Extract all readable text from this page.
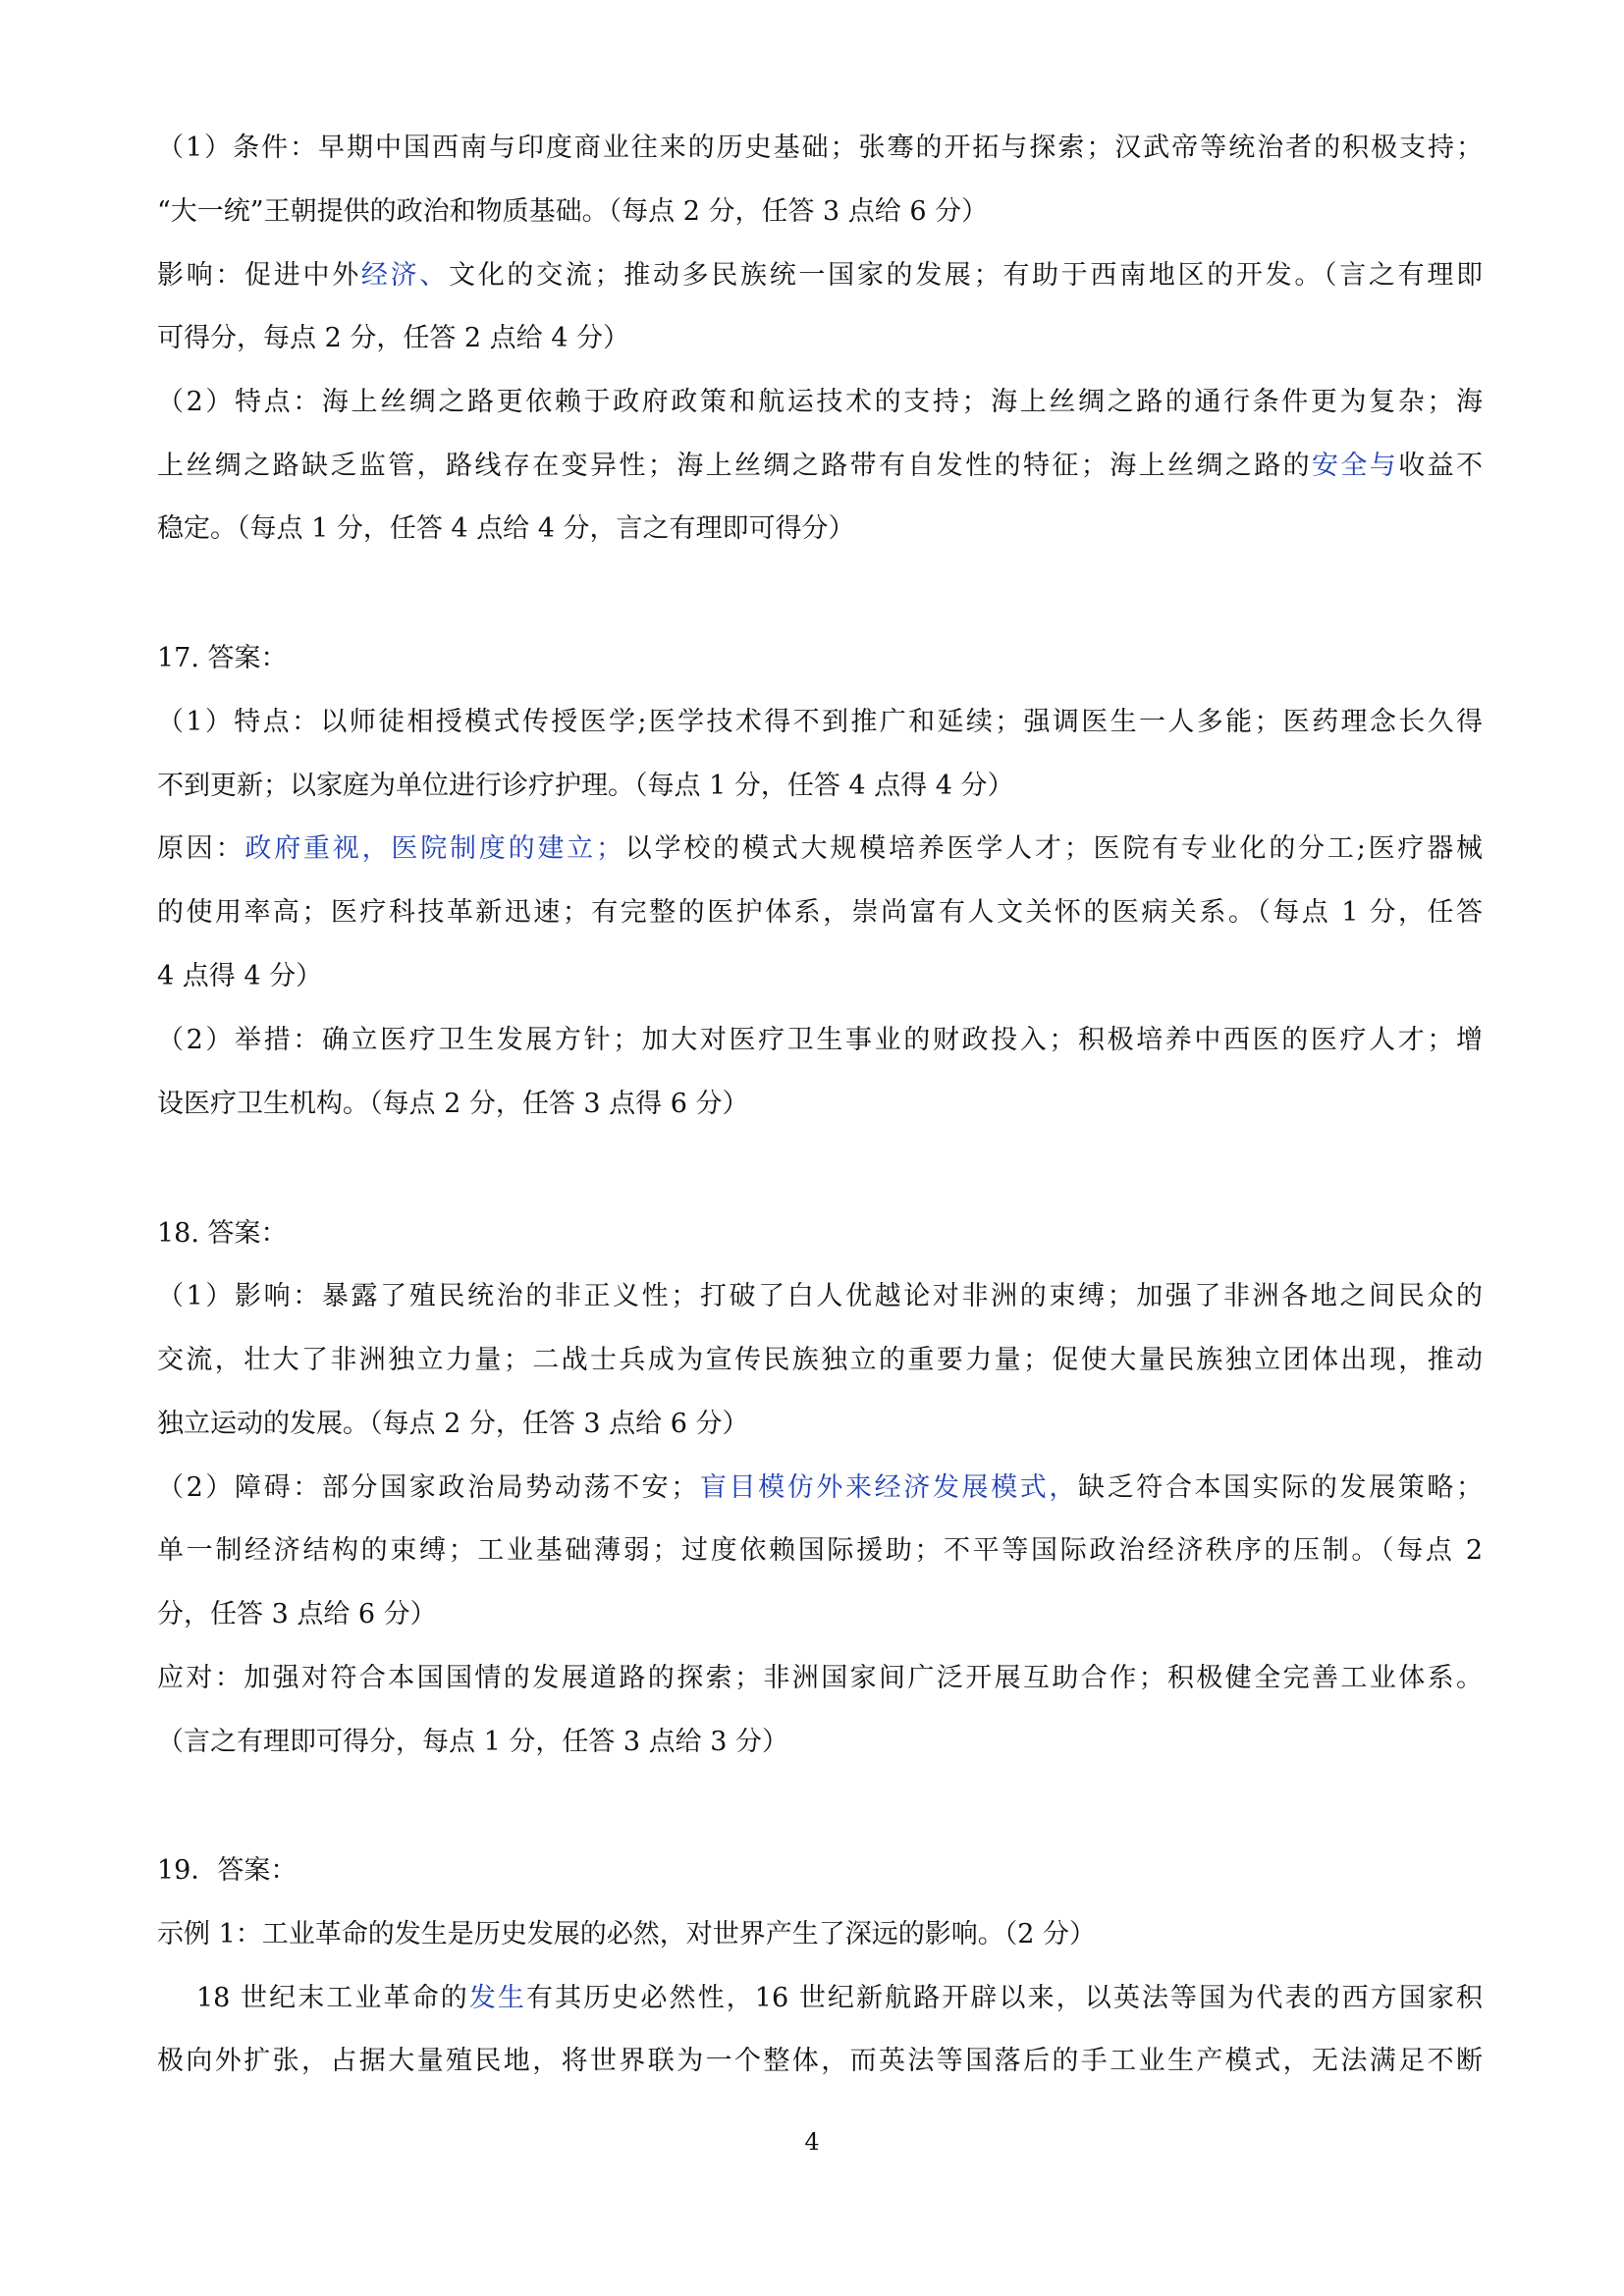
（1）条件：早期中国西南与印度商业往来的历史基础；张骞的开拓与探索；汉武帝等统治者的积极支持；
“大一统”王朝提供的政治和物质基础。（每点 2 分，任答 3 点给 6 分）
影响：促进中外经济、文化的交流；推动多民族统一国家的发展；有助于西南地区的开发。（言之有理即
可得分，每点 2 分，任答 2 点给 4 分）
（2）特点：海上丝绸之路更依赖于政府政策和航运技术的支持；海上丝绸之路的通行条件更为复杂；海
上丝绸之路缺乏监管，路线存在变异性；海上丝绸之路带有自发性的特征；海上丝绸之路的安全与收益不
稳定。（每点 1 分，任答 4 点给 4 分，言之有理即可得分）
17. 答案：
（1）特点：以师徒相授模式传授医学;医学技术得不到推广和延续；强调医生一人多能；医药理念长久得
不到更新；以家庭为单位进行诊疗护理。（每点 1 分，任答 4 点得 4 分）
原因：政府重视，医院制度的建立；以学校的模式大规模培养医学人才；医院有专业化的分工;医疗器械
的使用率高；医疗科技革新迅速；有完整的医护体系，崇尚富有人文关怀的医病关系。（每点 1 分，任答
4 点得 4 分）
（2）举措：确立医疗卫生发展方针；加大对医疗卫生事业的财政投入；积极培养中西医的医疗人才；增
设医疗卫生机构。（每点 2 分，任答 3 点得 6 分）
18. 答案：
（1）影响：暴露了殖民统治的非正义性；打破了白人优越论对非洲的束缚；加强了非洲各地之间民众的
交流，壮大了非洲独立力量；二战士兵成为宣传民族独立的重要力量；促使大量民族独立团体出现，推动
独立运动的发展。（每点 2 分，任答 3 点给 6 分）
（2）障碍：部分国家政治局势动荡不安；盲目模仿外来经济发展模式，缺乏符合本国实际的发展策略；
单一制经济结构的束缚；工业基础薄弱；过度依赖国际援助；不平等国际政治经济秩序的压制。（每点 2
分，任答 3 点给 6 分）
应对：加强对符合本国国情的发展道路的探索；非洲国家间广泛开展互助合作；积极健全完善工业体系。
（言之有理即可得分，每点 1 分，任答 3 点给 3 分）
19．答案：
示例 1：工业革命的发生是历史发展的必然，对世界产生了深远的影响。（2 分）
18 世纪末工业革命的发生有其历史必然性，16 世纪新航路开辟以来，以英法等国为代表的西方国家积
极向外扩张，占据大量殖民地，将世界联为一个整体，而英法等国落后的手工业生产模式，无法满足不断
4
